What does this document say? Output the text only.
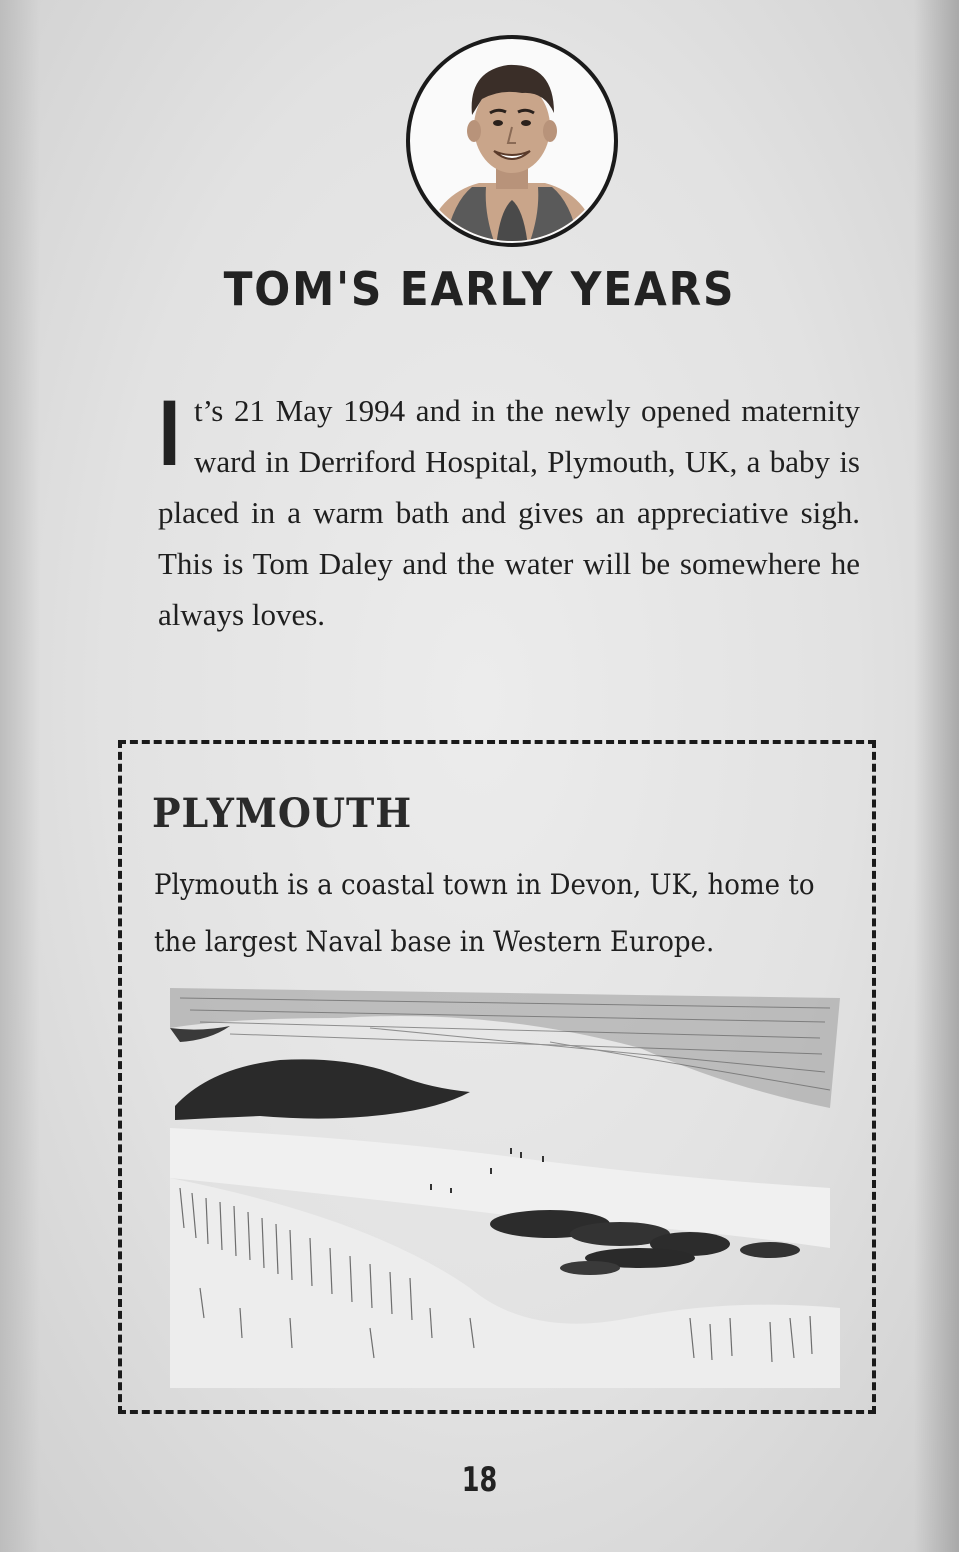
TOM'S EARLY YEARS
It’s 21 May 1994 and in the newly opened maternity ward in Derriford Hospital, Plymouth, UK, a baby is placed in a warm bath and gives an appreciative sigh. This is Tom Daley and the water will be somewhere he always loves.
PLYMOUTH
Plymouth is a coastal town in Devon, UK, home to the largest Naval base in Western Europe.
18
